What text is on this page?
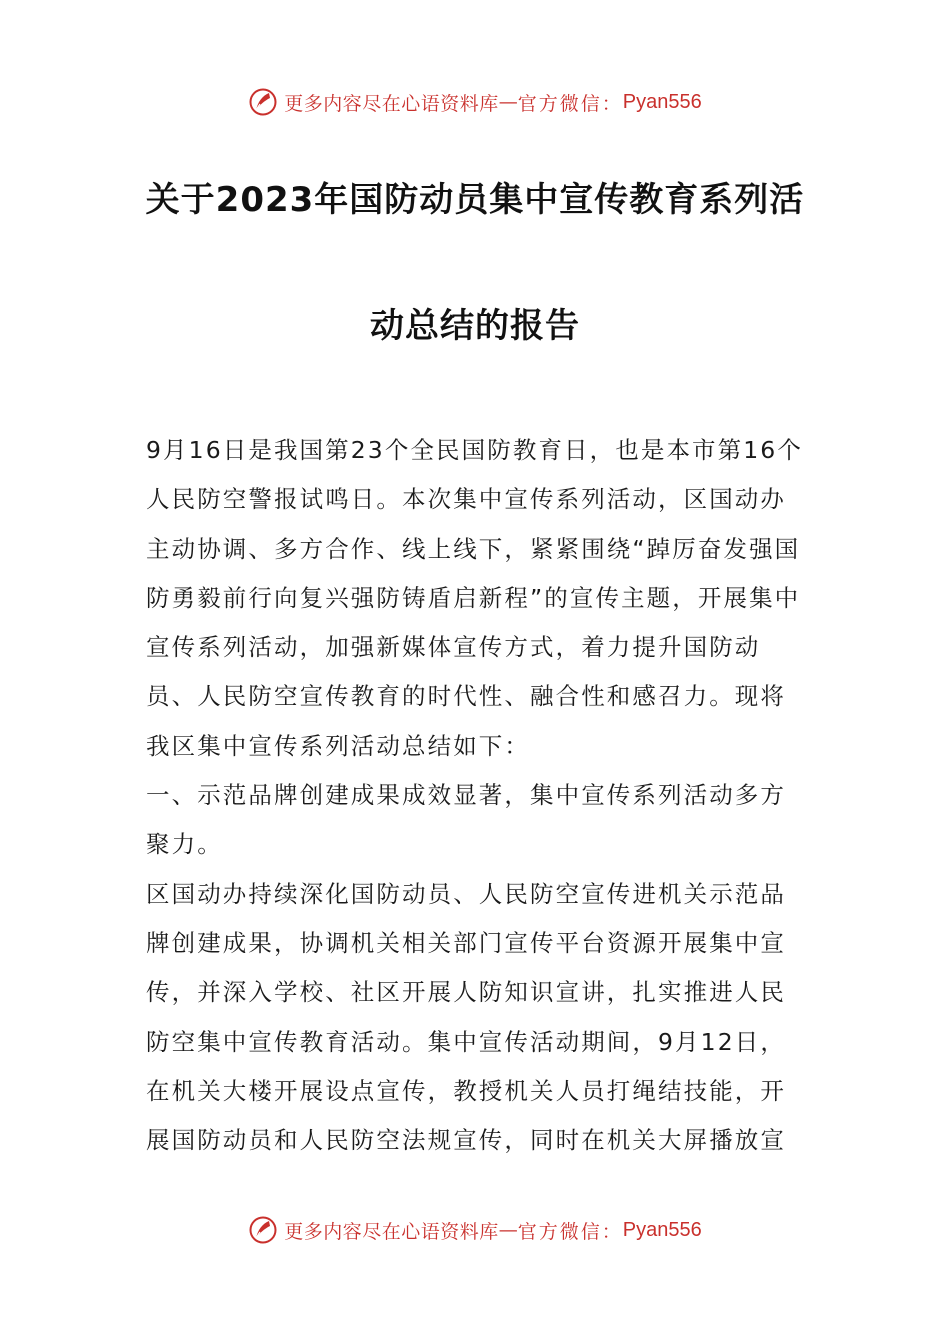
更多内容尽在心语资料库 — 官方微信： Pyan556
关于2023年国防动员集中宣传教育系列活
动总结的报告

9月16日是我国第23个全民国防教育日，也是本市第16个人民防空警报试鸣日。本次集中宣传系列活动，区国动办主动协调、多方合作、线上线下，紧紧围绕“踔厉奋发强国防勇毅前行向复兴强防铸盾启新程”的宣传主题，开展集中宣传系列活动，加强新媒体宣传方式，着力提升国防动员、人民防空宣传教育的时代性、融合性和感召力。现将我区集中宣传系列活动总结如下：

一、示范品牌创建成果成效显著，集中宣传系列活动多方聚力。

区国动办持续深化国防动员、人民防空宣传进机关示范品牌创建成果，协调机关相关部门宣传平台资源开展集中宣传，并深入学校、社区开展人防知识宣讲，扎实推进人民防空集中宣传教育活动。集中宣传活动期间，9月12日，在机关大楼开展设点宣传，教授机关人员打绳结技能，开展国防动员和人民防空法规宣传，同时在机关大屏播放宣

更多内容尽在心语资料库 — 官方微信： Pyan556
